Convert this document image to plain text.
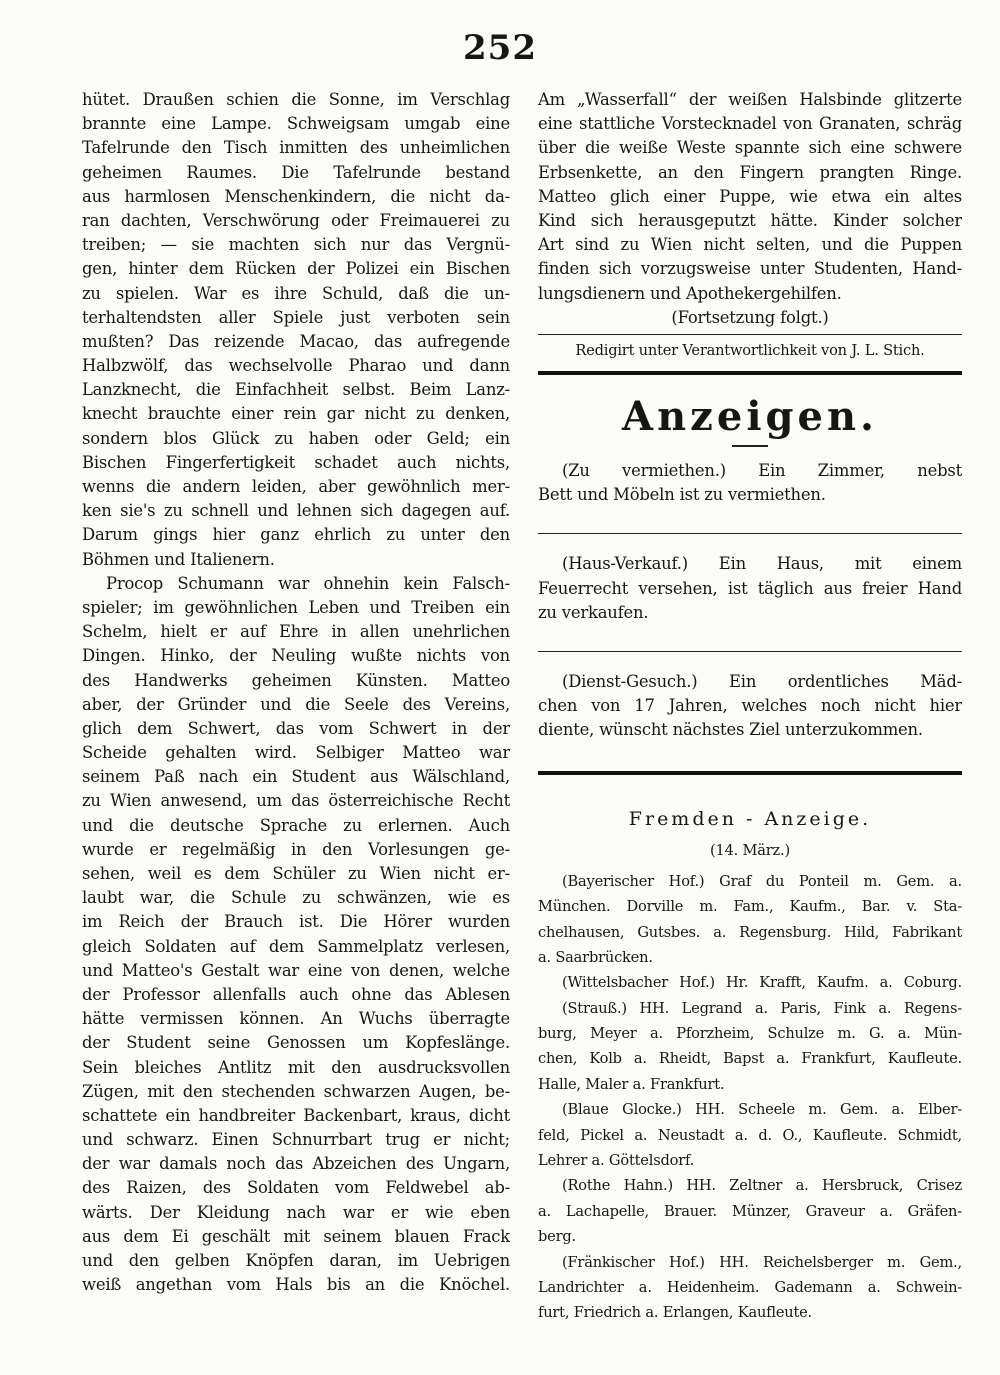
252
hütet. Draußen schien die Sonne, im Verschlag
brannte eine Lampe. Schweigsam umgab eine
Tafelrunde den Tisch inmitten des unheimlichen
geheimen Raumes. Die Tafelrunde bestand
aus harmlosen Menschenkindern, die nicht da-
ran dachten, Verschwörung oder Freimauerei zu
treiben; — sie machten sich nur das Vergnü-
gen, hinter dem Rücken der Polizei ein Bischen
zu spielen. War es ihre Schuld, daß die un-
terhaltendsten aller Spiele just verboten sein
mußten? Das reizende Macao, das aufregende
Halbzwölf, das wechselvolle Pharao und dann
Lanzknecht, die Einfachheit selbst. Beim Lanz-
knecht brauchte einer rein gar nicht zu denken,
sondern blos Glück zu haben oder Geld; ein
Bischen Fingerfertigkeit schadet auch nichts,
wenns die andern leiden, aber gewöhnlich mer-
ken sie's zu schnell und lehnen sich dagegen auf.
Darum gings hier ganz ehrlich zu unter den
Böhmen und Italienern.
Procop Schumann war ohnehin kein Falsch-
spieler; im gewöhnlichen Leben und Treiben ein
Schelm, hielt er auf Ehre in allen unehrlichen
Dingen. Hinko, der Neuling wußte nichts von
des Handwerks geheimen Künsten. Matteo
aber, der Gründer und die Seele des Vereins,
glich dem Schwert, das vom Schwert in der
Scheide gehalten wird. Selbiger Matteo war
seinem Paß nach ein Student aus Wälschland,
zu Wien anwesend, um das österreichische Recht
und die deutsche Sprache zu erlernen. Auch
wurde er regelmäßig in den Vorlesungen ge-
sehen, weil es dem Schüler zu Wien nicht er-
laubt war, die Schule zu schwänzen, wie es
im Reich der Brauch ist. Die Hörer wurden
gleich Soldaten auf dem Sammelplatz verlesen,
und Matteo's Gestalt war eine von denen, welche
der Professor allenfalls auch ohne das Ablesen
hätte vermissen können. An Wuchs überragte
der Student seine Genossen um Kopfeslänge.
Sein bleiches Antlitz mit den ausdrucksvollen
Zügen, mit den stechenden schwarzen Augen, be-
schattete ein handbreiter Backenbart, kraus, dicht
und schwarz. Einen Schnurrbart trug er nicht;
der war damals noch das Abzeichen des Ungarn,
des Raizen, des Soldaten vom Feldwebel ab-
wärts. Der Kleidung nach war er wie eben
aus dem Ei geschält mit seinem blauen Frack
und den gelben Knöpfen daran, im Uebrigen
weiß angethan vom Hals bis an die Knöchel.
Am „Wasserfall“ der weißen Halsbinde glitzerte
eine stattliche Vorstecknadel von Granaten, schräg
über die weiße Weste spannte sich eine schwere
Erbsenkette, an den Fingern prangten Ringe.
Matteo glich einer Puppe, wie etwa ein altes
Kind sich herausgeputzt hätte. Kinder solcher
Art sind zu Wien nicht selten, und die Puppen
finden sich vorzugsweise unter Studenten, Hand-
lungsdienern und Apothekergehilfen.
(Fortsetzung folgt.)
Redigirt unter Verantwortlichkeit von J. L. Stich.
Anzeigen.
(Zu vermiethen.) Ein Zimmer, nebst
Bett und Möbeln ist zu vermiethen.
(Haus-Verkauf.) Ein Haus, mit einem
Feuerrecht versehen, ist täglich aus freier Hand
zu verkaufen.
(Dienst-Gesuch.) Ein ordentliches Mäd-
chen von 17 Jahren, welches noch nicht hier
diente, wünscht nächstes Ziel unterzukommen.
Fremden - Anzeige.
(14. März.)
(Bayerischer Hof.) Graf du Ponteil m. Gem. a.
München. Dorville m. Fam., Kaufm., Bar. v. Sta-
chelhausen, Gutsbes. a. Regensburg. Hild, Fabrikant
a. Saarbrücken.
(Wittelsbacher Hof.) Hr. Krafft, Kaufm. a. Coburg.
(Strauß.) HH. Legrand a. Paris, Fink a. Regens-
burg, Meyer a. Pforzheim, Schulze m. G. a. Mün-
chen, Kolb a. Rheidt, Bapst a. Frankfurt, Kaufleute.
Halle, Maler a. Frankfurt.
(Blaue Glocke.) HH. Scheele m. Gem. a. Elber-
feld, Pickel a. Neustadt a. d. O., Kaufleute. Schmidt,
Lehrer a. Göttelsdorf.
(Rothe Hahn.) HH. Zeltner a. Hersbruck, Crisez
a. Lachapelle, Brauer. Münzer, Graveur a. Gräfen-
berg.
(Fränkischer Hof.) HH. Reichelsberger m. Gem.,
Landrichter a. Heidenheim. Gademann a. Schwein-
furt, Friedrich a. Erlangen, Kaufleute.
